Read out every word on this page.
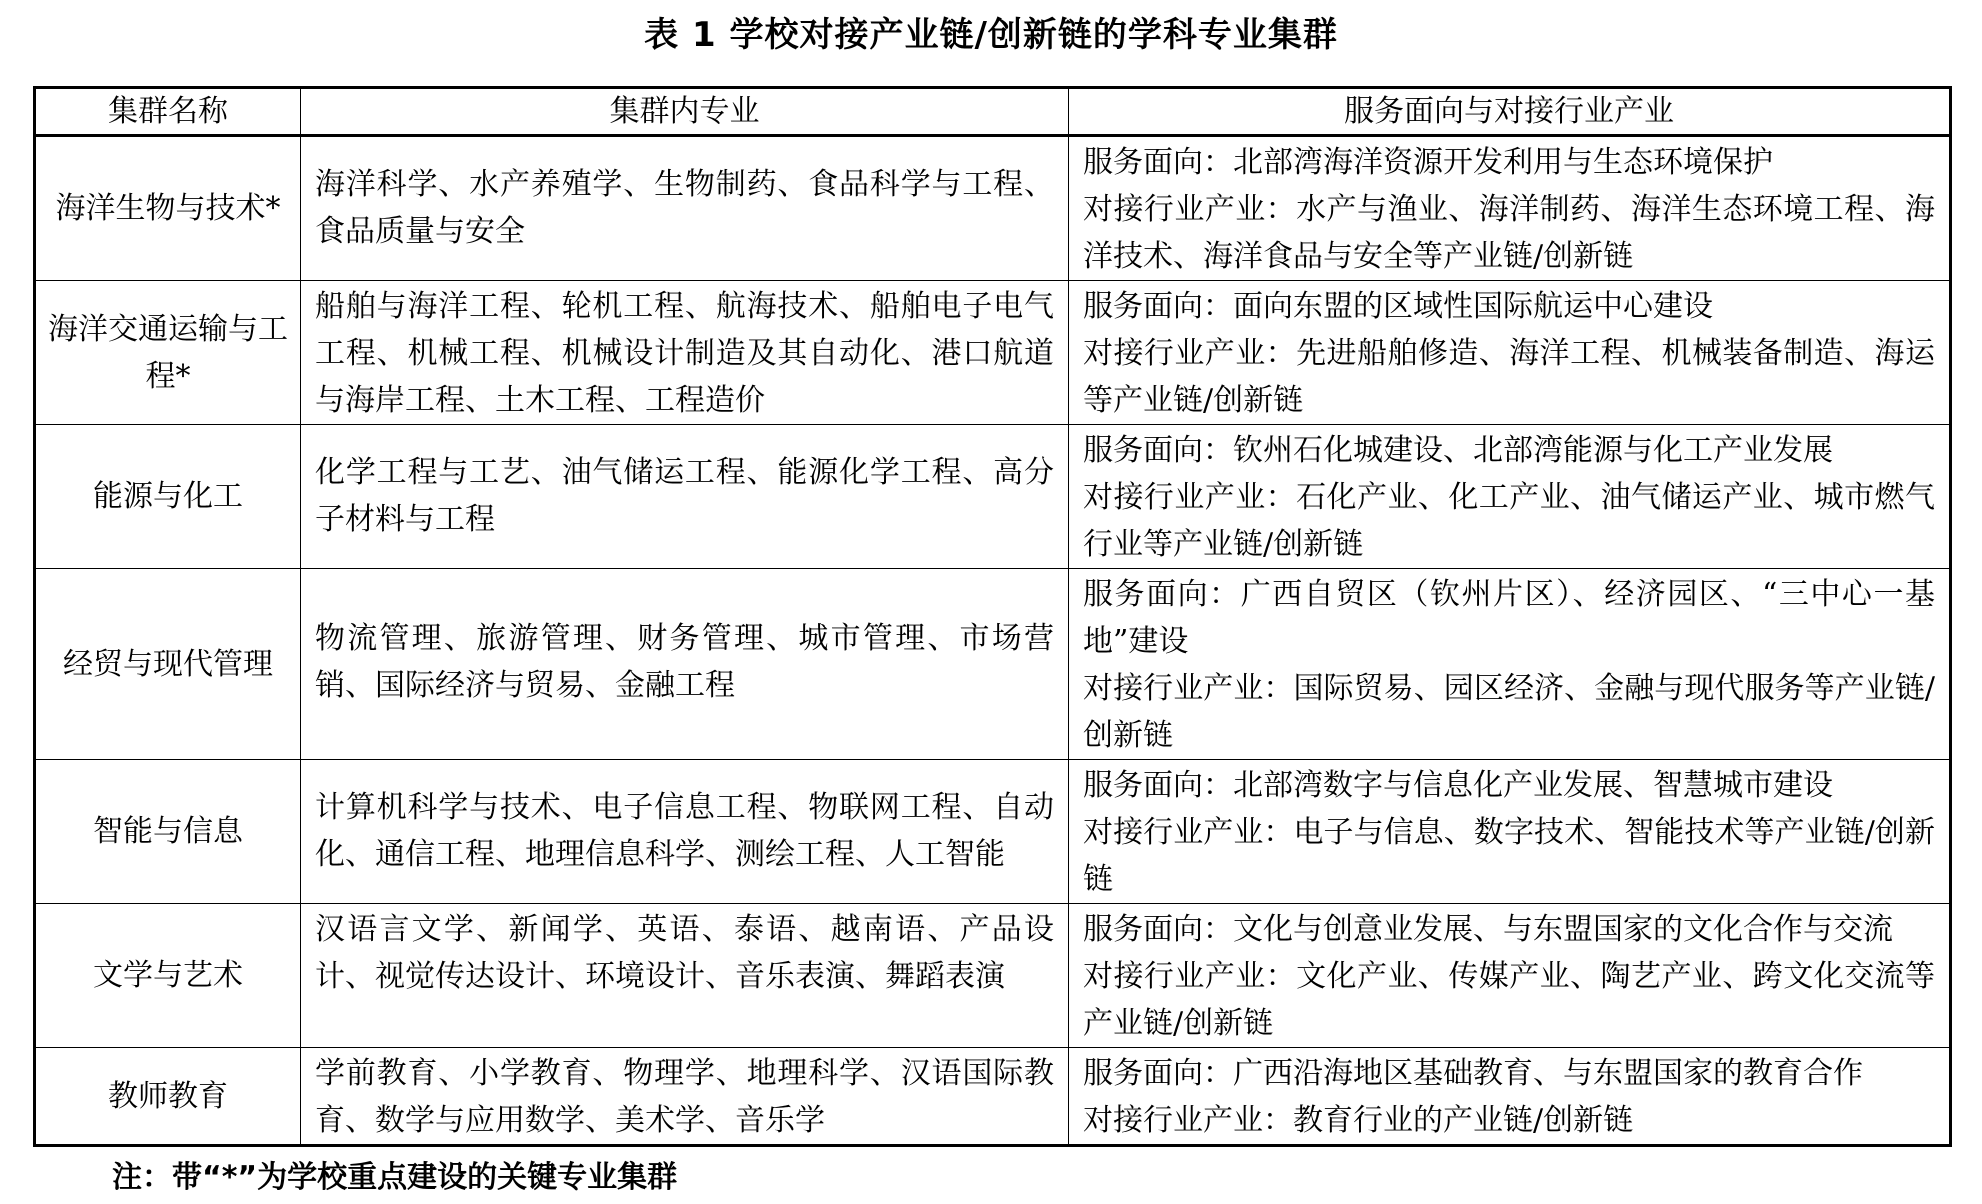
表 1 学校对接产业链/创新链的学科专业集群
集群名称	集群内专业	服务面向与对接行业产业
海洋生物与技术*	海洋科学、水产养殖学、生物制药、食品科学与工程、食品质量与安全	服务面向：北部湾海洋资源开发利用与生态环境保护
对接行业产业：水产与渔业、海洋制药、海洋生态环境工程、海洋技术、海洋食品与安全等产业链/创新链

海洋交通运输与工程*	船舶与海洋工程、轮机工程、航海技术、船舶电子电气工程、机械工程、机械设计制造及其自动化、港口航道与海岸工程、土木工程、工程造价	服务面向：面向东盟的区域性国际航运中心建设
对接行业产业：先进船舶修造、海洋工程、机械装备制造、海运等产业链/创新链

能源与化工	化学工程与工艺、油气储运工程、能源化学工程、高分子材料与工程	服务面向：钦州石化城建设、北部湾能源与化工产业发展
对接行业产业：石化产业、化工产业、油气储运产业、城市燃气行业等产业链/创新链

经贸与现代管理	物流管理、旅游管理、财务管理、城市管理、市场营销、国际经济与贸易、金融工程	服务面向：广西自贸区（钦州片区）、经济园区、“三中心一基地”建设
对接行业产业：国际贸易、园区经济、金融与现代服务等产业链/创新链

智能与信息	计算机科学与技术、电子信息工程、物联网工程、自动化、通信工程、地理信息科学、测绘工程、人工智能	服务面向：北部湾数字与信息化产业发展、智慧城市建设
对接行业产业：电子与信息、数字技术、智能技术等产业链/创新链

文学与艺术	汉语言文学、新闻学、英语、泰语、越南语、产品设计、视觉传达设计、环境设计、音乐表演、舞蹈表演	服务面向：文化与创意业发展、与东盟国家的文化合作与交流
对接行业产业：文化产业、传媒产业、陶艺产业、跨文化交流等产业链/创新链

教师教育	学前教育、小学教育、物理学、地理科学、汉语国际教育、数学与应用数学、美术学、音乐学	服务面向：广西沿海地区基础教育、与东盟国家的教育合作
对接行业产业：教育行业的产业链/创新链
注：带“*”为学校重点建设的关键专业集群
